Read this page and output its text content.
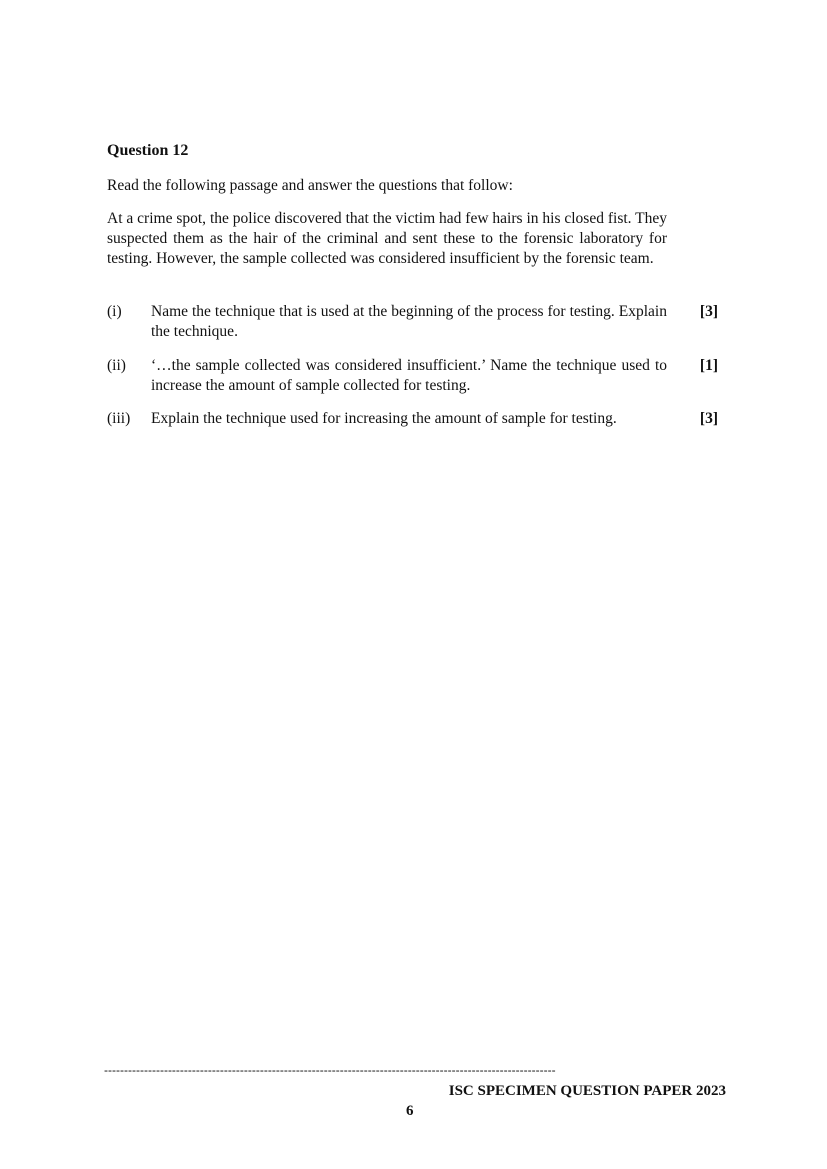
Question 12
Read the following passage and answer the questions that follow:
At a crime spot, the police discovered that the victim had few hairs in his closed fist. They suspected them as the hair of the criminal and sent these to the forensic laboratory for testing. However, the sample collected was considered insufficient by the forensic team.
(i)	Name the technique that is used at the beginning of the process for testing. Explain the technique.
[3]
(ii)	‘…the sample collected was considered insufficient.’ Name the technique used to increase the amount of sample collected for testing.
[1]
(iii)	Explain the technique used for increasing the amount of sample for testing.	[3]
-----------------------------------------------------------------------------------------------------------------
ISC SPECIMEN QUESTION PAPER 2023
6
